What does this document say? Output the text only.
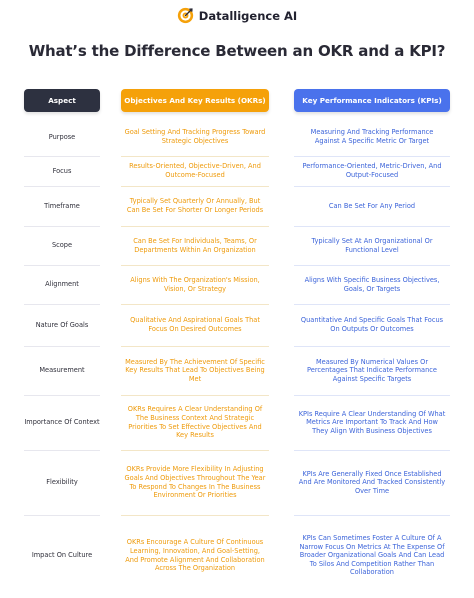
Datalligence AI
What’s the Difference Between an OKR and a KPI?
Aspect	Objectives And Key Results (OKRs)	Key Performance Indicators (KPIs)
Purpose
Goal Setting And Tracking Progress Toward Strategic Objectives
Measuring And Tracking Performance Against A Specific Metric Or Target
Focus
Results-Oriented, Objective-Driven, And Outcome-Focused
Performance-Oriented, Metric-Driven, And Output-Focused
Timeframe
Typically Set Quarterly Or Annually, But Can Be Set For Shorter Or Longer Periods
Can Be Set For Any Period
Scope
Can Be Set For Individuals, Teams, Or Departments Within An Organization
Typically Set At An Organizational Or Functional Level
Alignment
Aligns With The Organization's Mission, Vision, Or Strategy
Aligns With Specific Business Objectives, Goals, Or Targets
Nature Of Goals
Qualitative And Aspirational Goals That Focus On Desired Outcomes
Quantitative And Specific Goals That Focus On Outputs Or Outcomes
Measurement
Measured By The Achievement Of Specific Key Results That Lead To Objectives Being Met
Measured By Numerical Values Or Percentages That Indicate Performance Against Specific Targets
Importance Of Context
OKRs Requires A Clear Understanding Of The Business Context And Strategic Priorities To Set Effective Objectives And Key Results
KPIs Require A Clear Understanding Of What Metrics Are Important To Track And How They Align With Business Objectives
Flexibility
OKRs Provide More Flexibility In Adjusting Goals And Objectives Throughout The Year To Respond To Changes In The Business Environment Or Priorities
KPIs Are Generally Fixed Once Established And Are Monitored And Tracked Consistently Over Time
Impact On Culture
OKRs Encourage A Culture Of Continuous Learning, Innovation, And Goal-Setting, And Promote Alignment And Collaboration Across The Organization
KPIs Can Sometimes Foster A Culture Of A Narrow Focus On Metrics At The Expense Of Broader Organizational Goals And Can Lead To Silos And Competition Rather Than Collaboration
